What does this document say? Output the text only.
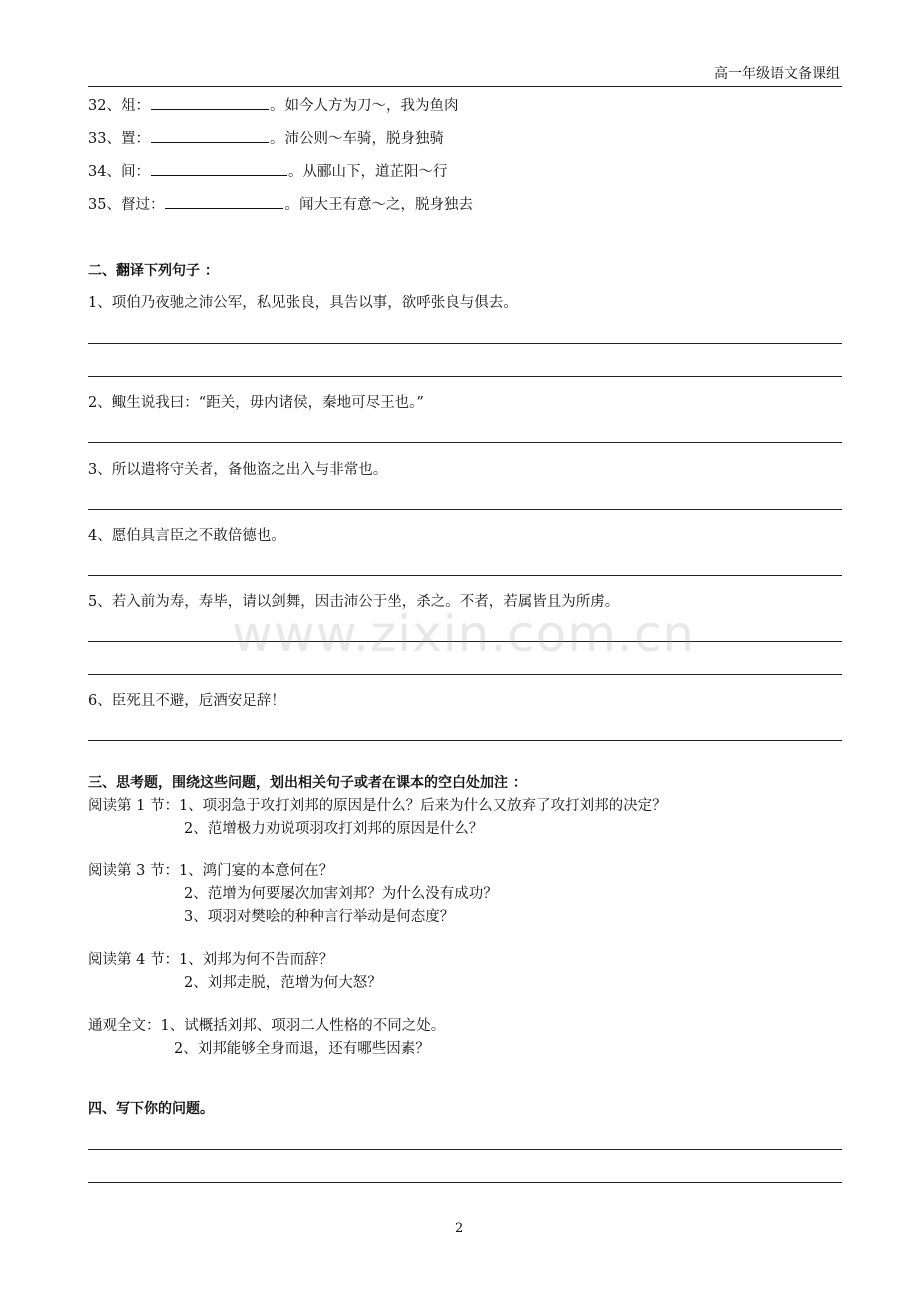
高一年级语文备课组
32、俎：	。如今人方为刀～，我为鱼肉
33、置：	。沛公则～车骑，脱身独骑
34、间：	。从郦山下，道芷阳～行
35、督过：	。闻大王有意～之，脱身独去
二、翻译下列句子 ：
1、项伯乃夜驰之沛公军，私见张良，具告以事，欲呼张良与俱去。
2、鲰生说我曰：“距关，毋内诸侯，秦地可尽王也。”
3、所以遣将守关者，备他盗之出入与非常也。
4、愿伯具言臣之不敢倍德也。
5、若入前为寿，寿毕，请以剑舞，因击沛公于坐，杀之。不者，若属皆且为所虏。
6、臣死且不避，卮酒安足辞！
www.zixin.com.cn
三、思考题，围绕这些问题，划出相关句子或者在课本的空白处加注 ：
阅读第 1 节：1、项羽急于攻打刘邦的原因是什么？后来为什么又放弃了攻打刘邦的决定？
2、范增极力劝说项羽攻打刘邦的原因是什么？
阅读第 3 节：1、鸿门宴的本意何在？
2、范增为何要屡次加害刘邦？为什么没有成功？
3、项羽对樊哙的种种言行举动是何态度？
阅读第 4 节：1、刘邦为何不告而辞？
2、刘邦走脱，范增为何大怒？
通观全文：1、试概括刘邦、项羽二人性格的不同之处。
2、刘邦能够全身而退，还有哪些因素？
四、写下你的问题。
2
